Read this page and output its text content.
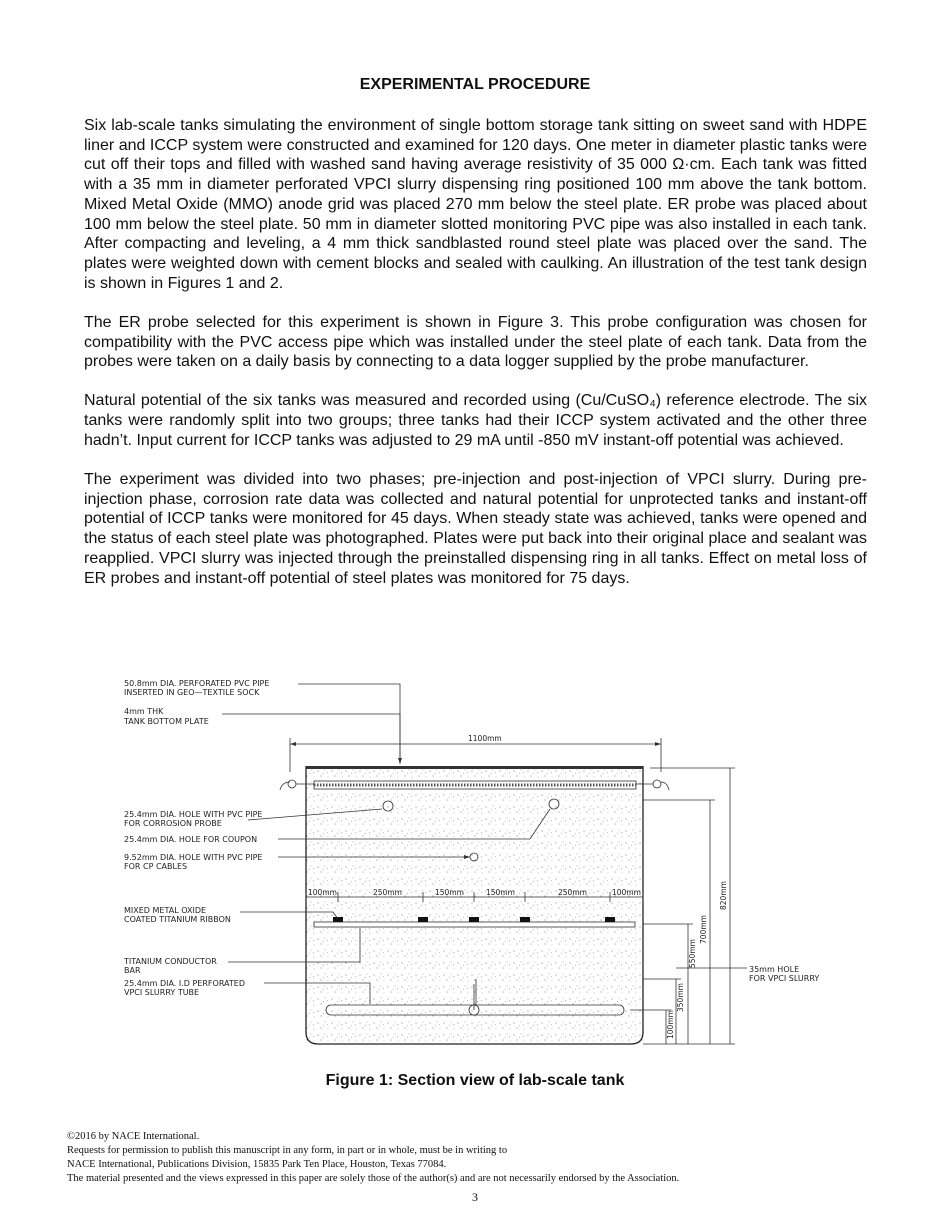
EXPERIMENTAL PROCEDURE

Six lab-scale tanks simulating the environment of single bottom storage tank sitting on sweet sand with HDPE liner and ICCP system were constructed and examined for 120 days. One meter in diameter plastic tanks were cut off their tops and filled with washed sand having average resistivity of 35 000 Ω·cm. Each tank was fitted with a 35 mm in diameter perforated VPCI slurry dispensing ring positioned 100 mm above the tank bottom. Mixed Metal Oxide (MMO) anode grid was placed 270 mm below the steel plate. ER probe was placed about 100 mm below the steel plate. 50 mm in diameter slotted monitoring PVC pipe was also installed in each tank. After compacting and leveling, a 4 mm thick sandblasted round steel plate was placed over the sand. The plates were weighted down with cement blocks and sealed with caulking. An illustration of the test tank design is shown in Figures 1 and 2.

The ER probe selected for this experiment is shown in Figure 3. This probe configuration was chosen for compatibility with the PVC access pipe which was installed under the steel plate of each tank. Data from the probes were taken on a daily basis by connecting to a data logger supplied by the probe manufacturer.

Natural potential of the six tanks was measured and recorded using (Cu/CuSO₄) reference electrode. The six tanks were randomly split into two groups; three tanks had their ICCP system activated and the other three hadn’t. Input current for ICCP tanks was adjusted to 29 mA until -850 mV instant-off potential was achieved.

The experiment was divided into two phases; pre-injection and post-injection of VPCI slurry. During pre-injection phase, corrosion rate data was collected and natural potential for unprotected tanks and instant-off potential of ICCP tanks were monitored for 45 days. When steady state was achieved, tanks were opened and the status of each steel plate was photographed. Plates were put back into their original place and sealant was reapplied. VPCI slurry was injected through the preinstalled dispensing ring in all tanks. Effect on metal loss of ER probes and instant-off potential of steel plates was monitored for 75 days.

1100mm
100mm	250mm	150mm	150mm	250mm	100mm	820mm
700mm
550mm
350mm
100mm
50.8mm DIA. PERFORATED PVC PIPE
INSERTED IN GEO—TEXTILE SOCK
4mm THK
TANK BOTTOM PLATE
25.4mm DIA. HOLE WITH PVC PIPE
FOR CORROSION PROBE
25.4mm DIA. HOLE FOR COUPON
9.52mm DIA. HOLE WITH PVC PIPE
FOR CP CABLES
MIXED METAL OXIDE
COATED TITANIUM RIBBON
TITANIUM CONDUCTOR
BAR
25.4mm DIA. I.D PERFORATED
VPCI SLURRY TUBE
35mm HOLE
FOR VPCI SLURRY
Figure 1: Section view of lab-scale tank
©2016 by NACE International.
Requests for permission to publish this manuscript in any form, in part or in whole, must be in writing to
NACE International, Publications Division, 15835 Park Ten Place, Houston, Texas 77084.
The material presented and the views expressed in this paper are solely those of the author(s) and are not necessarily endorsed by the Association.
3
